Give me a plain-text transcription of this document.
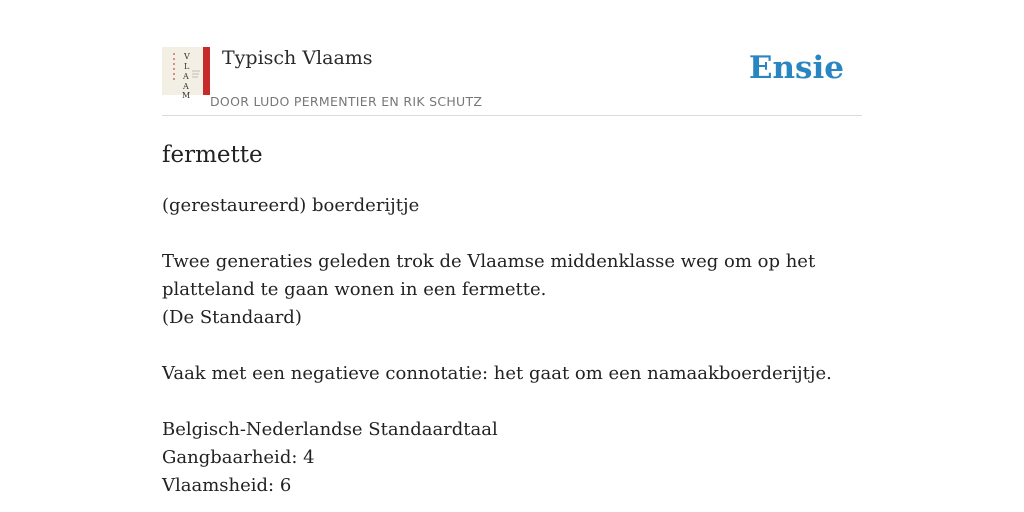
V
L
A
A
M
Typisch Vlaams
DOOR LUDO PERMENTIER EN RIK SCHUTZ
Ensie
fermette
(gerestaureerd) boerderijtje
Twee generaties geleden trok de Vlaamse middenklasse weg om op het
platteland te gaan wonen in een fermette.
(De Standaard)
Vaak met een negatieve connotatie: het gaat om een namaakboerderijtje.
Belgisch-Nederlandse Standaardtaal
Gangbaarheid: 4
Vlaamsheid: 6
